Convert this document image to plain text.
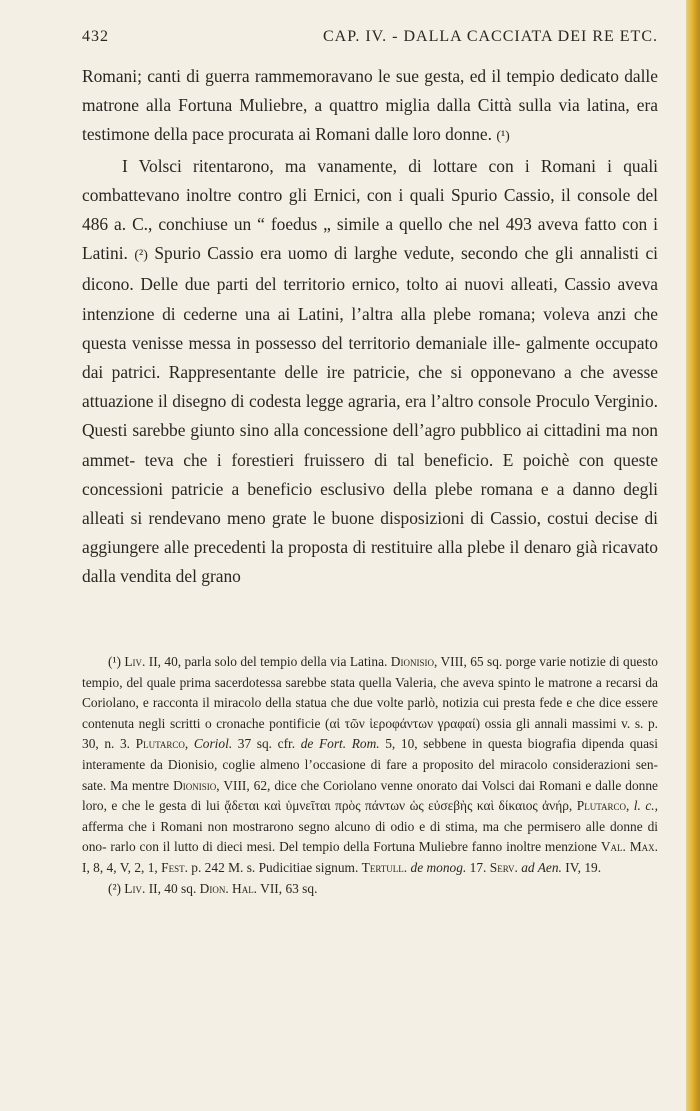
432	CAP. IV. - DALLA CACCIATA DEI RE ETC.

Romani; canti di guerra rammemoravano le sue gesta, ed il tempio dedicato dalle matrone alla Fortuna Muliebre, a quattro miglia dalla Città sulla via latina, era testimone della pace procurata ai Romani dalle loro donne. (¹)

I Volsci ritentarono, ma vanamente, di lottare con i Romani i quali combattevano inoltre contro gli Ernici, con i quali Spurio Cassio, il console del 486 a. C., conchiuse un “ foedus „ simile a quello che nel 493 aveva fatto con i Latini. (²) Spurio Cassio era uomo di larghe vedute, secondo che gli annalisti ci dicono. Delle due parti del territorio ernico, tolto ai nuovi alleati, Cassio aveva intenzione di cederne una ai Latini, l’altra alla plebe romana; voleva anzi che questa venisse messa in possesso del territorio demaniale ille- galmente occupato dai patrici. Rappresentante delle ire patricie, che si opponevano a che avesse attuazione il disegno di codesta legge agraria, era l’altro console Proculo Verginio. Questi sarebbe giunto sino alla concessione dell’agro pubblico ai cittadini ma non ammet- teva che i forestieri fruissero di tal beneficio. E poichè con queste concessioni patricie a beneficio esclusivo della plebe romana e a danno degli alleati si rendevano meno grate le buone disposizioni di Cassio, costui decise di aggiungere alle precedenti la proposta di restituire alla plebe il denaro già ricavato dalla vendita del grano

(¹) Liv. II, 40, parla solo del tempio della via Latina. Dionisio, VIII, 65 sq. porge varie notizie di questo tempio, del quale prima sacerdotessa sarebbe stata quella Valeria, che aveva spinto le matrone a recarsi da Coriolano, e racconta il miracolo della statua che due volte parlò, notizia cui presta fede e che dice essere contenuta negli scritti o cronache pontificie (αἱ τῶν ἱεροφάντων γραφαί) ossia gli annali massimi v. s. p. 30, n. 3. Plutarco, Coriol. 37 sq. cfr. de Fort. Rom. 5, 10, sebbene in questa biografia dipenda quasi interamente da Dionisio, coglie almeno l’occasione di fare a proposito del miracolo considerazioni sen- sate. Ma mentre Dionisio, VIII, 62, dice che Coriolano venne onorato dai Volsci dai Romani e dalle donne loro, e che le gesta di lui ᾄδεται καὶ ὑμνεῖται πρὸς πάντων ὡς εὐσεβὴς καὶ δίκαιος ἀνήρ, Plutarco, l. c., afferma che i Romani non mostrarono segno alcuno di odio e di stima, ma che permisero alle donne di ono- rarlo con il lutto di dieci mesi. Del tempio della Fortuna Muliebre fanno inoltre menzione Val. Max. I, 8, 4, V, 2, 1, Fest. p. 242 M. s. Pudicitiae signum. Tertull. de monog. 17. Serv. ad Aen. IV, 19.

(²) Liv. II, 40 sq. Dion. Hal. VII, 63 sq.
